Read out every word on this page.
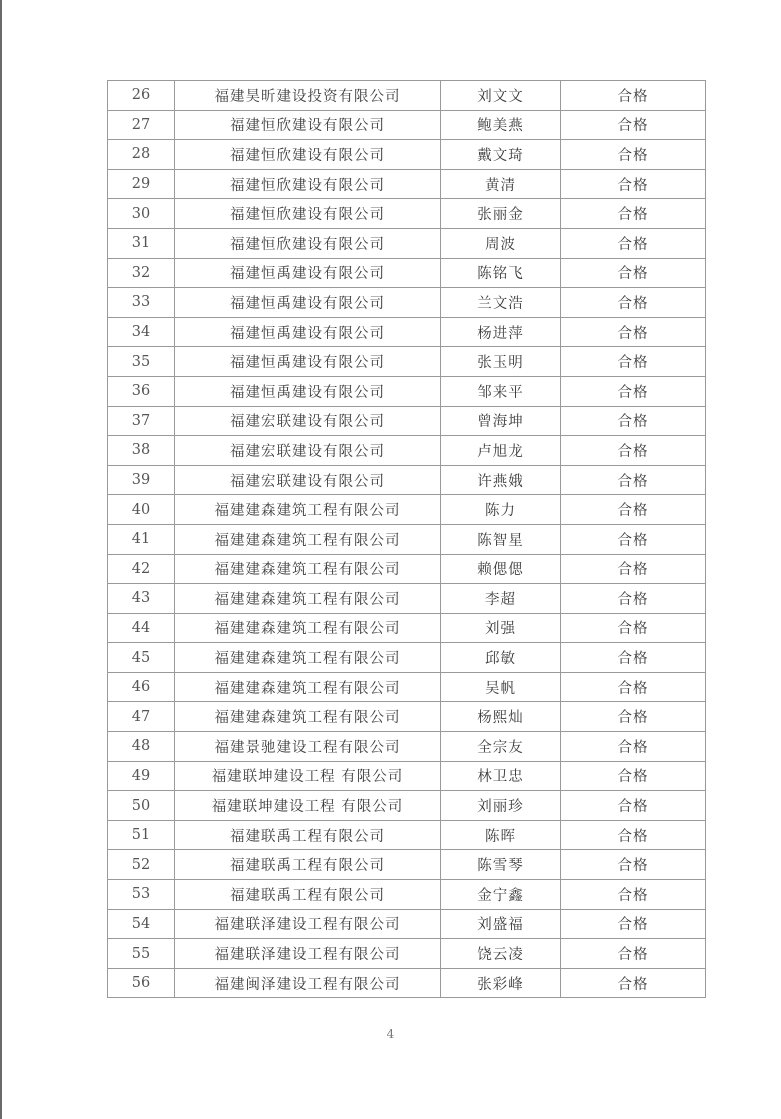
26	福建昊昕建设投资有限公司	刘文文	合格
27	福建恒欣建设有限公司	鲍美燕	合格
28	福建恒欣建设有限公司	戴文琦	合格
29	福建恒欣建设有限公司	黄清	合格
30	福建恒欣建设有限公司	张丽金	合格
31	福建恒欣建设有限公司	周波	合格
32	福建恒禹建设有限公司	陈铭飞	合格
33	福建恒禹建设有限公司	兰文浩	合格
34	福建恒禹建设有限公司	杨进萍	合格
35	福建恒禹建设有限公司	张玉明	合格
36	福建恒禹建设有限公司	邹来平	合格
37	福建宏联建设有限公司	曾海坤	合格
38	福建宏联建设有限公司	卢旭龙	合格
39	福建宏联建设有限公司	许燕娥	合格
40	福建建森建筑工程有限公司	陈力	合格
41	福建建森建筑工程有限公司	陈智星	合格
42	福建建森建筑工程有限公司	赖偲偲	合格
43	福建建森建筑工程有限公司	李超	合格
44	福建建森建筑工程有限公司	刘强	合格
45	福建建森建筑工程有限公司	邱敏	合格
46	福建建森建筑工程有限公司	吴帆	合格
47	福建建森建筑工程有限公司	杨熙灿	合格
48	福建景驰建设工程有限公司	全宗友	合格
49	福建联坤建设工程 有限公司	林卫忠	合格
50	福建联坤建设工程 有限公司	刘丽珍	合格
51	福建联禹工程有限公司	陈晖	合格
52	福建联禹工程有限公司	陈雪琴	合格
53	福建联禹工程有限公司	金宁鑫	合格
54	福建联泽建设工程有限公司	刘盛福	合格
55	福建联泽建设工程有限公司	饶云凌	合格
56	福建闽泽建设工程有限公司	张彩峰	合格
4
